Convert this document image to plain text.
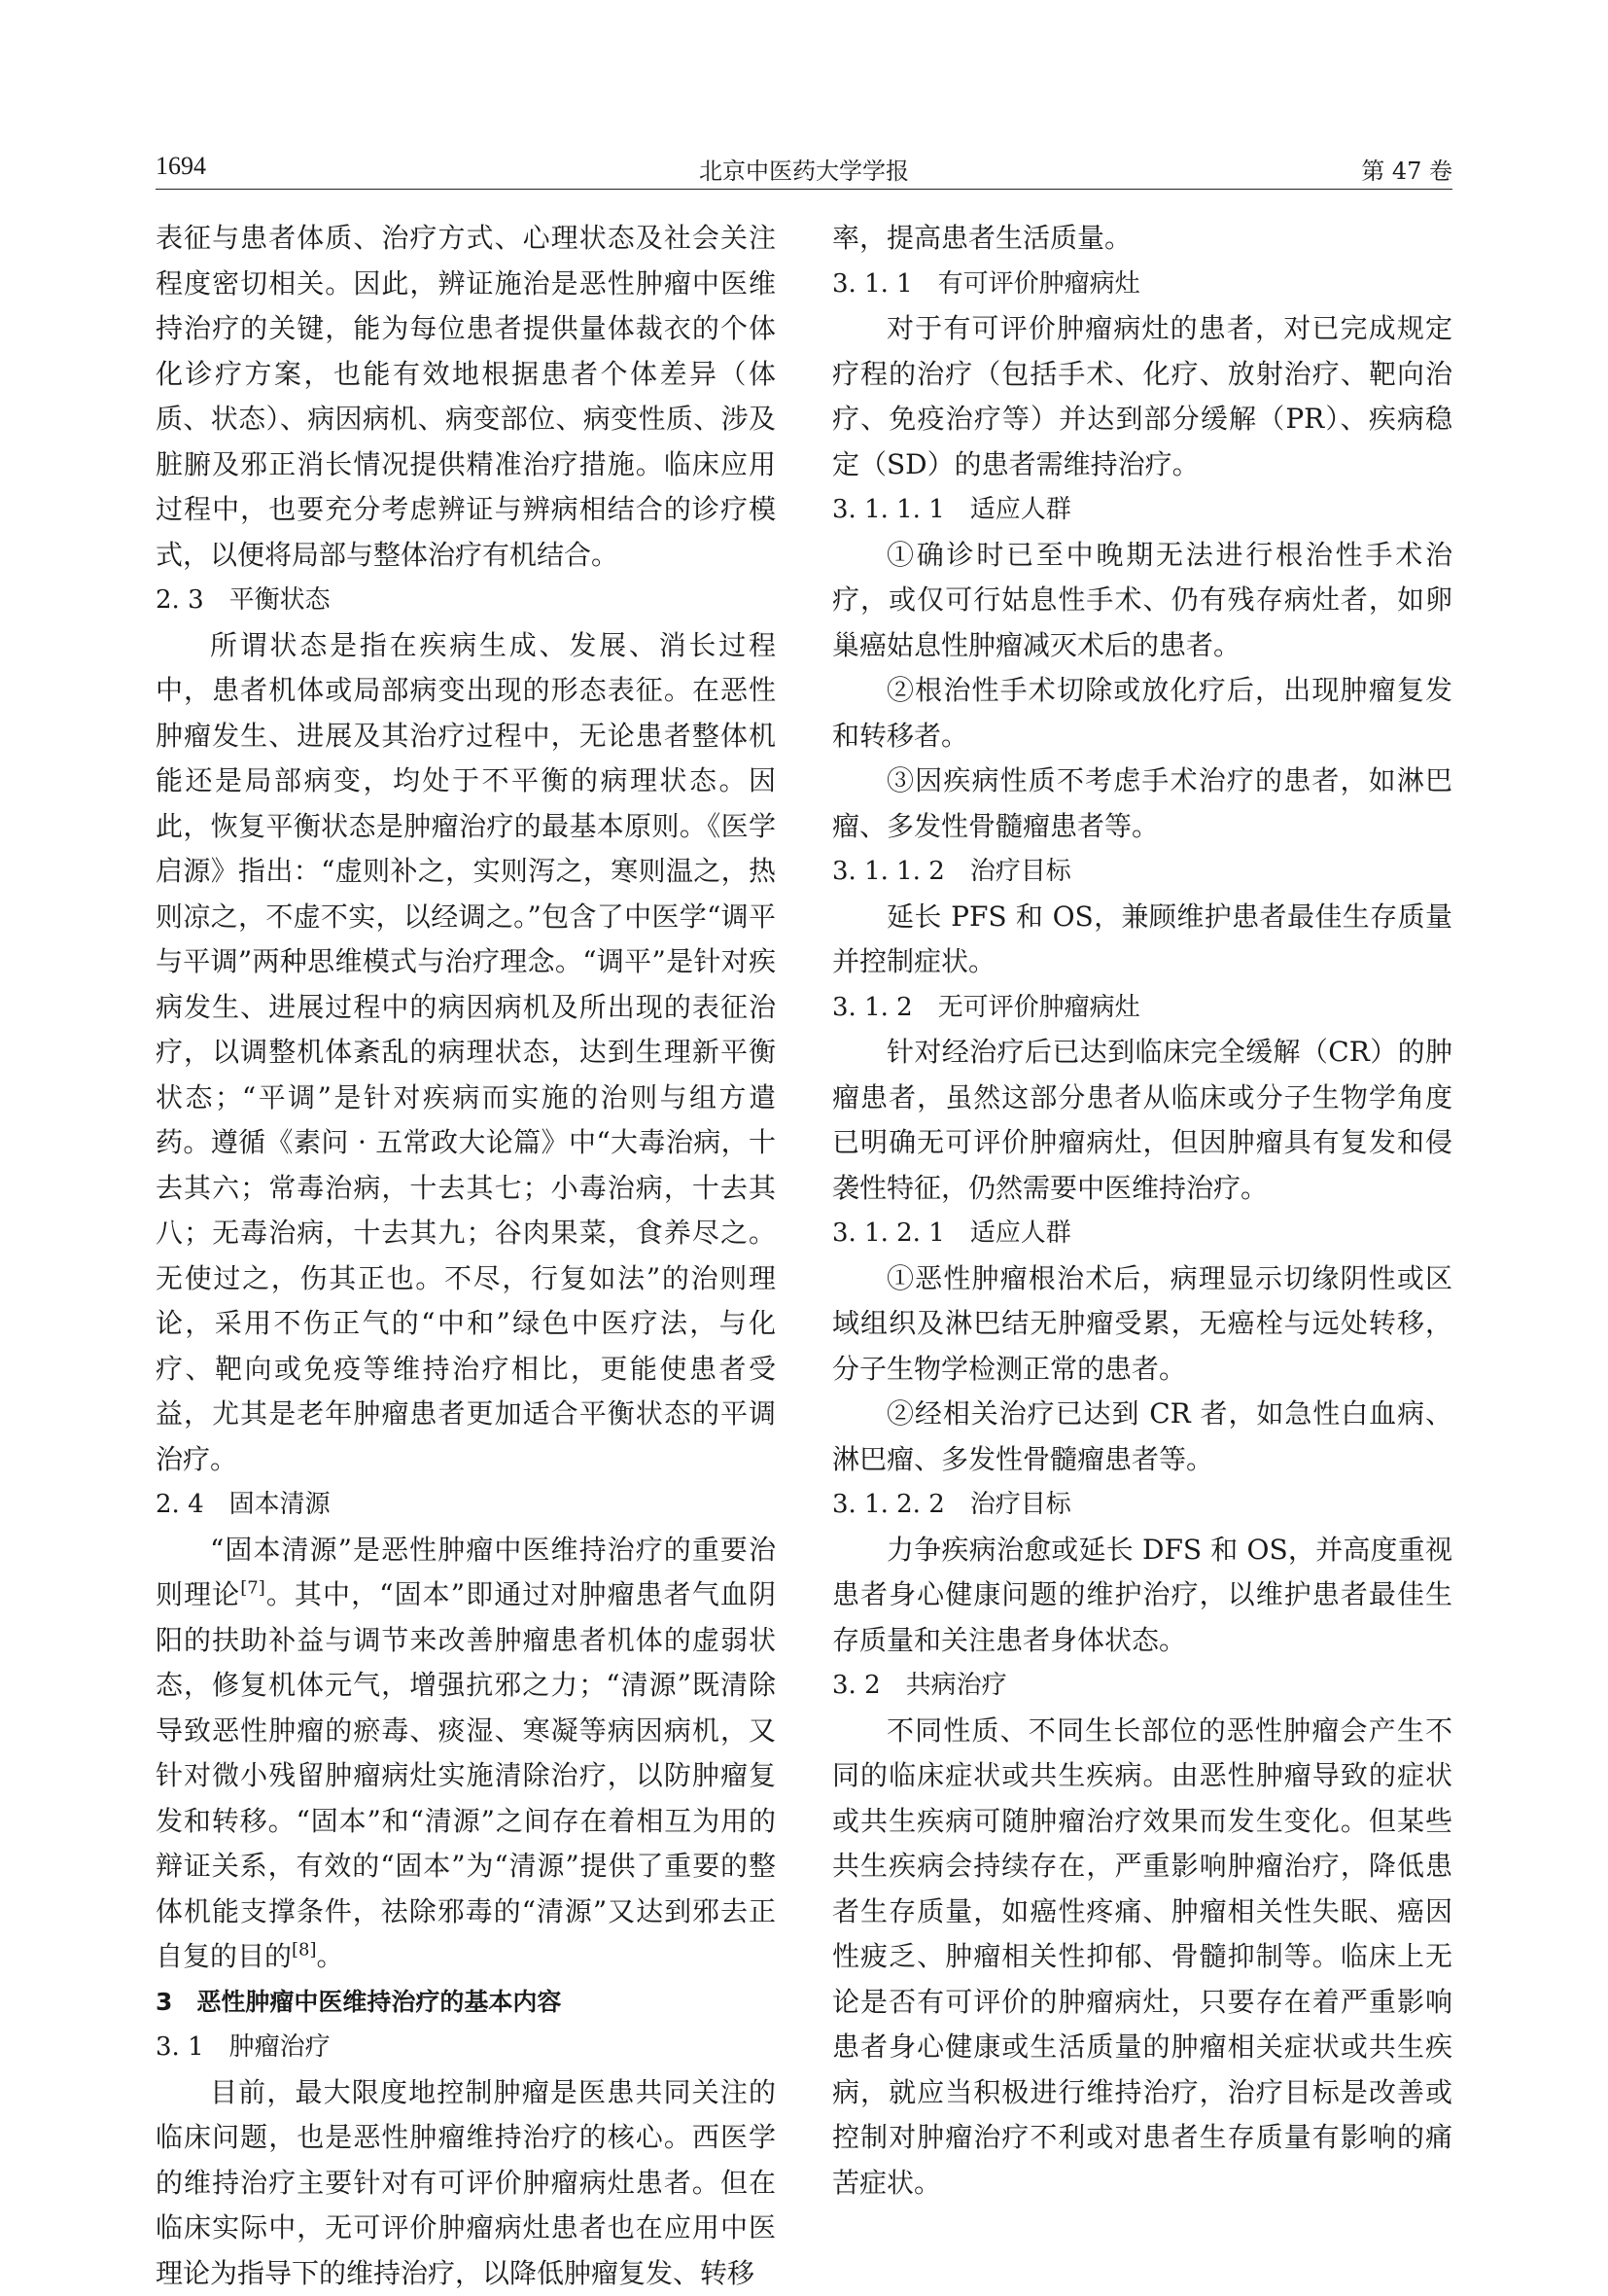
1694	北京中医药大学学报	第 47 卷

表征与患者体质、治疗方式、心理状态及社会关注程度密切相关。因此，辨证施治是恶性肿瘤中医维持治疗的关键，能为每位患者提供量体裁衣的个体化诊疗方案，也能有效地根据患者个体差异（体质、状态）、病因病机、病变部位、病变性质、涉及脏腑及邪正消长情况提供精准治疗措施。临床应用过程中，也要充分考虑辨证与辨病相结合的诊疗模式，以便将局部与整体治疗有机结合。

2. 3　平衡状态

所谓状态是指在疾病生成、发展、消长过程中，患者机体或局部病变出现的形态表征。在恶性肿瘤发生、进展及其治疗过程中，无论患者整体机能还是局部病变，均处于不平衡的病理状态。因此，恢复平衡状态是肿瘤治疗的最基本原则。《医学启源》指出：“虚则补之，实则泻之，寒则温之，热则凉之，不虚不实，以经调之。”包含了中医学“调平与平调”两种思维模式与治疗理念。“调平”是针对疾病发生、进展过程中的病因病机及所出现的表征治疗，以调整机体紊乱的病理状态，达到生理新平衡状态；“平调”是针对疾病而实施的治则与组方遣药。遵循《素问 · 五常政大论篇》中“大毒治病，十去其六；常毒治病，十去其七；小毒治病，十去其八；无毒治病，十去其九；谷肉果菜，食养尽之。无使过之，伤其正也。不尽，行复如法”的治则理论，采用不伤正气的“中和”绿色中医疗法，与化疗、靶向或免疫等维持治疗相比，更能使患者受益，尤其是老年肿瘤患者更加适合平衡状态的平调治疗。

2. 4　固本清源

“固本清源”是恶性肿瘤中医维持治疗的重要治则理论[7]。其中，“固本”即通过对肿瘤患者气血阴阳的扶助补益与调节来改善肿瘤患者机体的虚弱状态，修复机体元气，增强抗邪之力；“清源”既清除导致恶性肿瘤的瘀毒、痰湿、寒凝等病因病机，又针对微小残留肿瘤病灶实施清除治疗，以防肿瘤复发和转移。“固本”和“清源”之间存在着相互为用的辩证关系，有效的“固本”为“清源”提供了重要的整体机能支撑条件，祛除邪毒的“清源”又达到邪去正自复的目的[8]。

3　恶性肿瘤中医维持治疗的基本内容
3. 1　肿瘤治疗

目前，最大限度地控制肿瘤是医患共同关注的临床问题，也是恶性肿瘤维持治疗的核心。西医学的维持治疗主要针对有可评价肿瘤病灶患者。但在临床实际中，无可评价肿瘤病灶患者也在应用中医理论为指导下的维持治疗，以降低肿瘤复发、转移

率，提高患者生活质量。

3. 1. 1　有可评价肿瘤病灶

对于有可评价肿瘤病灶的患者，对已完成规定疗程的治疗（包括手术、化疗、放射治疗、靶向治疗、免疫治疗等）并达到部分缓解（PR）、疾病稳定（SD）的患者需维持治疗。

3. 1. 1. 1　适应人群

①确诊时已至中晚期无法进行根治性手术治疗，或仅可行姑息性手术、仍有残存病灶者，如卵巢癌姑息性肿瘤减灭术后的患者。

②根治性手术切除或放化疗后，出现肿瘤复发和转移者。

③因疾病性质不考虑手术治疗的患者，如淋巴瘤、多发性骨髓瘤患者等。

3. 1. 1. 2　治疗目标

延长 PFS 和 OS，兼顾维护患者最佳生存质量并控制症状。

3. 1. 2　无可评价肿瘤病灶

针对经治疗后已达到临床完全缓解（CR）的肿瘤患者，虽然这部分患者从临床或分子生物学角度已明确无可评价肿瘤病灶，但因肿瘤具有复发和侵袭性特征，仍然需要中医维持治疗。

3. 1. 2. 1　适应人群

①恶性肿瘤根治术后，病理显示切缘阴性或区域组织及淋巴结无肿瘤受累，无癌栓与远处转移，分子生物学检测正常的患者。

②经相关治疗已达到 CR 者，如急性白血病、淋巴瘤、多发性骨髓瘤患者等。

3. 1. 2. 2　治疗目标

力争疾病治愈或延长 DFS 和 OS，并高度重视患者身心健康问题的维护治疗，以维护患者最佳生存质量和关注患者身体状态。

3. 2　共病治疗

不同性质、不同生长部位的恶性肿瘤会产生不同的临床症状或共生疾病。由恶性肿瘤导致的症状或共生疾病可随肿瘤治疗效果而发生变化。但某些共生疾病会持续存在，严重影响肿瘤治疗，降低患者生存质量，如癌性疼痛、肿瘤相关性失眠、癌因性疲乏、肿瘤相关性抑郁、骨髓抑制等。临床上无论是否有可评价的肿瘤病灶，只要存在着严重影响患者身心健康或生活质量的肿瘤相关症状或共生疾病，就应当积极进行维持治疗，治疗目标是改善或控制对肿瘤治疗不利或对患者生存质量有影响的痛苦症状。
